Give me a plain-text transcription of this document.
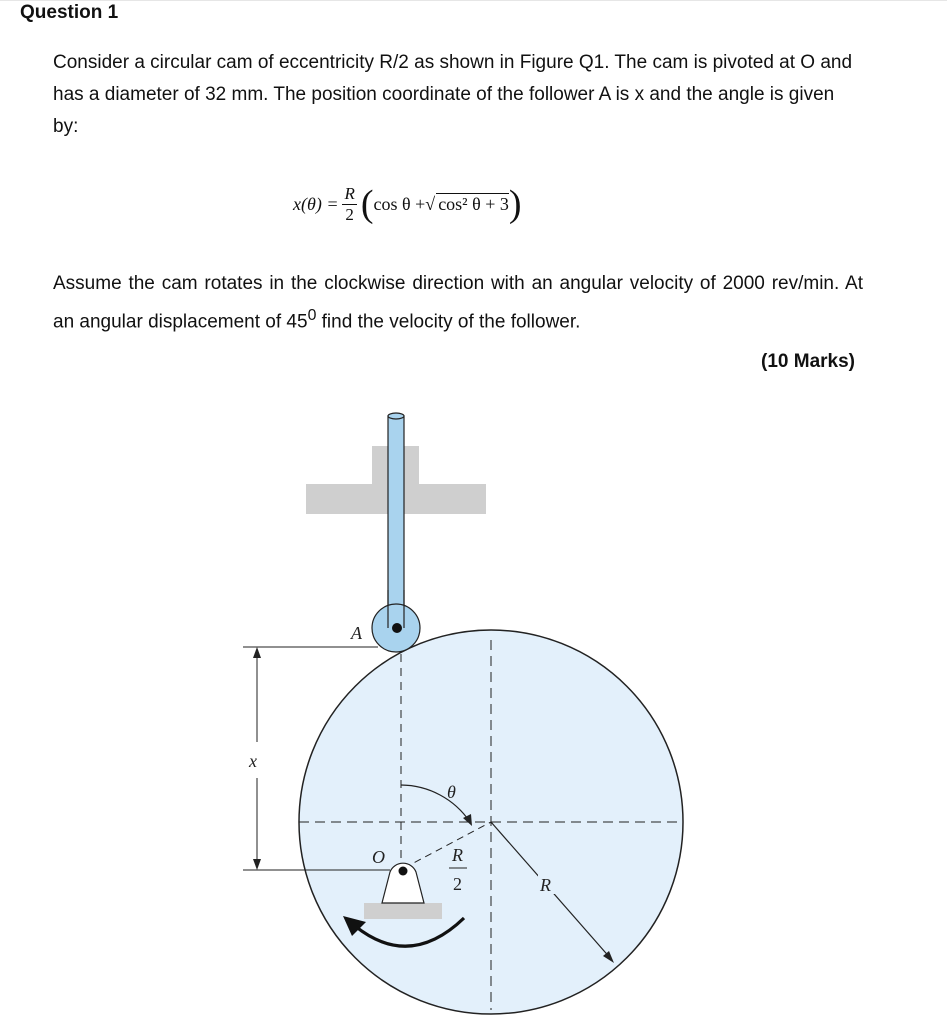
Question 1

Consider a circular cam of eccentricity R/2 as shown in Figure Q1. The cam is pivoted at O and has a diameter of 32 mm. The position coordinate of the follower A is x and the angle is given by:

$x(\theta) = \frac{R}{2}$ ( cos θ + √ cos² θ + 3 )

Assume the cam rotates in the clockwise direction with an angular velocity of 2000 rev/min. At an angular displacement of $45^0$ find the velocity of the follower.

(10 Marks)
A
x
θ
R
2	R
O
